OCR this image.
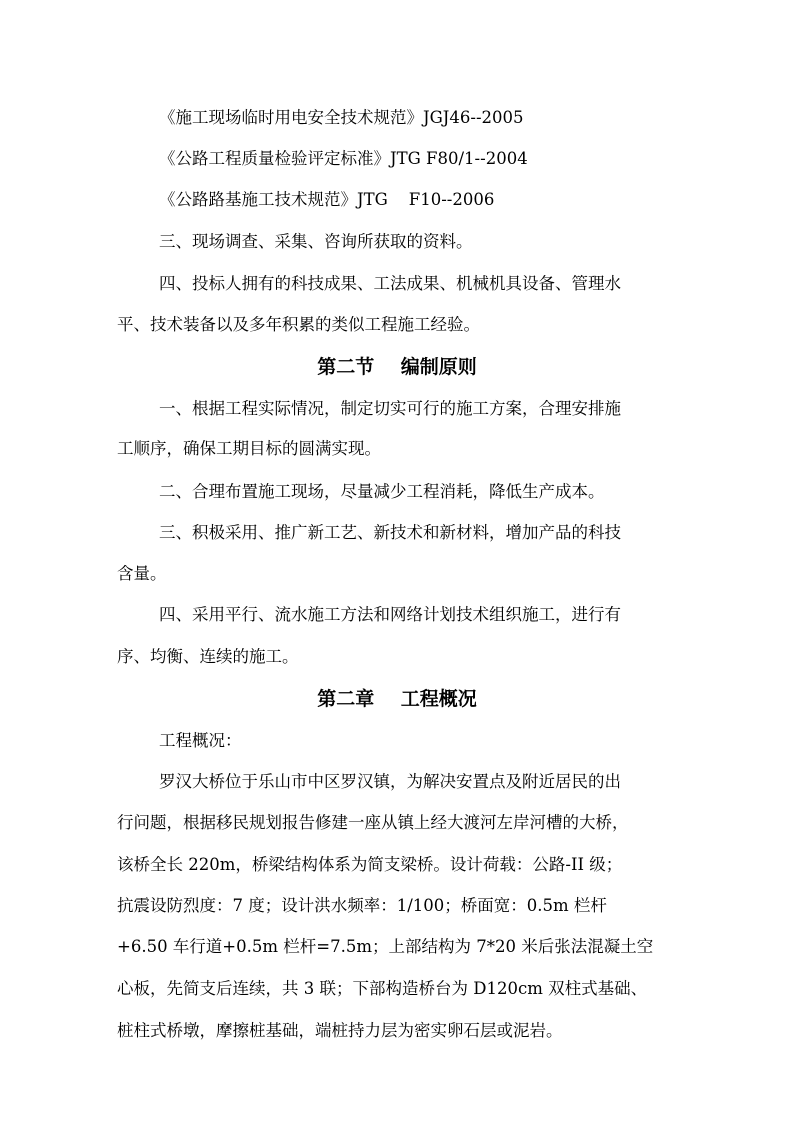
《施工现场临时用电安全技术规范》JGJ46--2005
《公路工程质量检验评定标准》JTG F80/1--2004
《公路路基施工技术规范》JTG    F10--2006
三、现场调查、采集、咨询所获取的资料。
四、投标人拥有的科技成果、工法成果、机械机具设备、管理水
平、技术装备以及多年积累的类似工程施工经验。
第二节    编制原则
一、根据工程实际情况，制定切实可行的施工方案，合理安排施
工顺序，确保工期目标的圆满实现。
二、合理布置施工现场，尽量减少工程消耗，降低生产成本。
三、积极采用、推广新工艺、新技术和新材料，增加产品的科技
含量。
四、采用平行、流水施工方法和网络计划技术组织施工，进行有
序、均衡、连续的施工。
第二章    工程概况
工程概况：
罗汉大桥位于乐山市中区罗汉镇，为解决安置点及附近居民的出
行问题，根据移民规划报告修建一座从镇上经大渡河左岸河槽的大桥，
该桥全长 220m，桥梁结构体系为简支梁桥。设计荷载：公路-II 级；
抗震设防烈度：7 度；设计洪水频率：1/100；桥面宽：0.5m 栏杆
+6.50 车行道+0.5m 栏杆=7.5m；上部结构为 7*20 米后张法混凝土空
心板，先简支后连续，共 3 联；下部构造桥台为 D120cm 双柱式基础、
桩柱式桥墩，摩擦桩基础，端桩持力层为密实卵石层或泥岩。
